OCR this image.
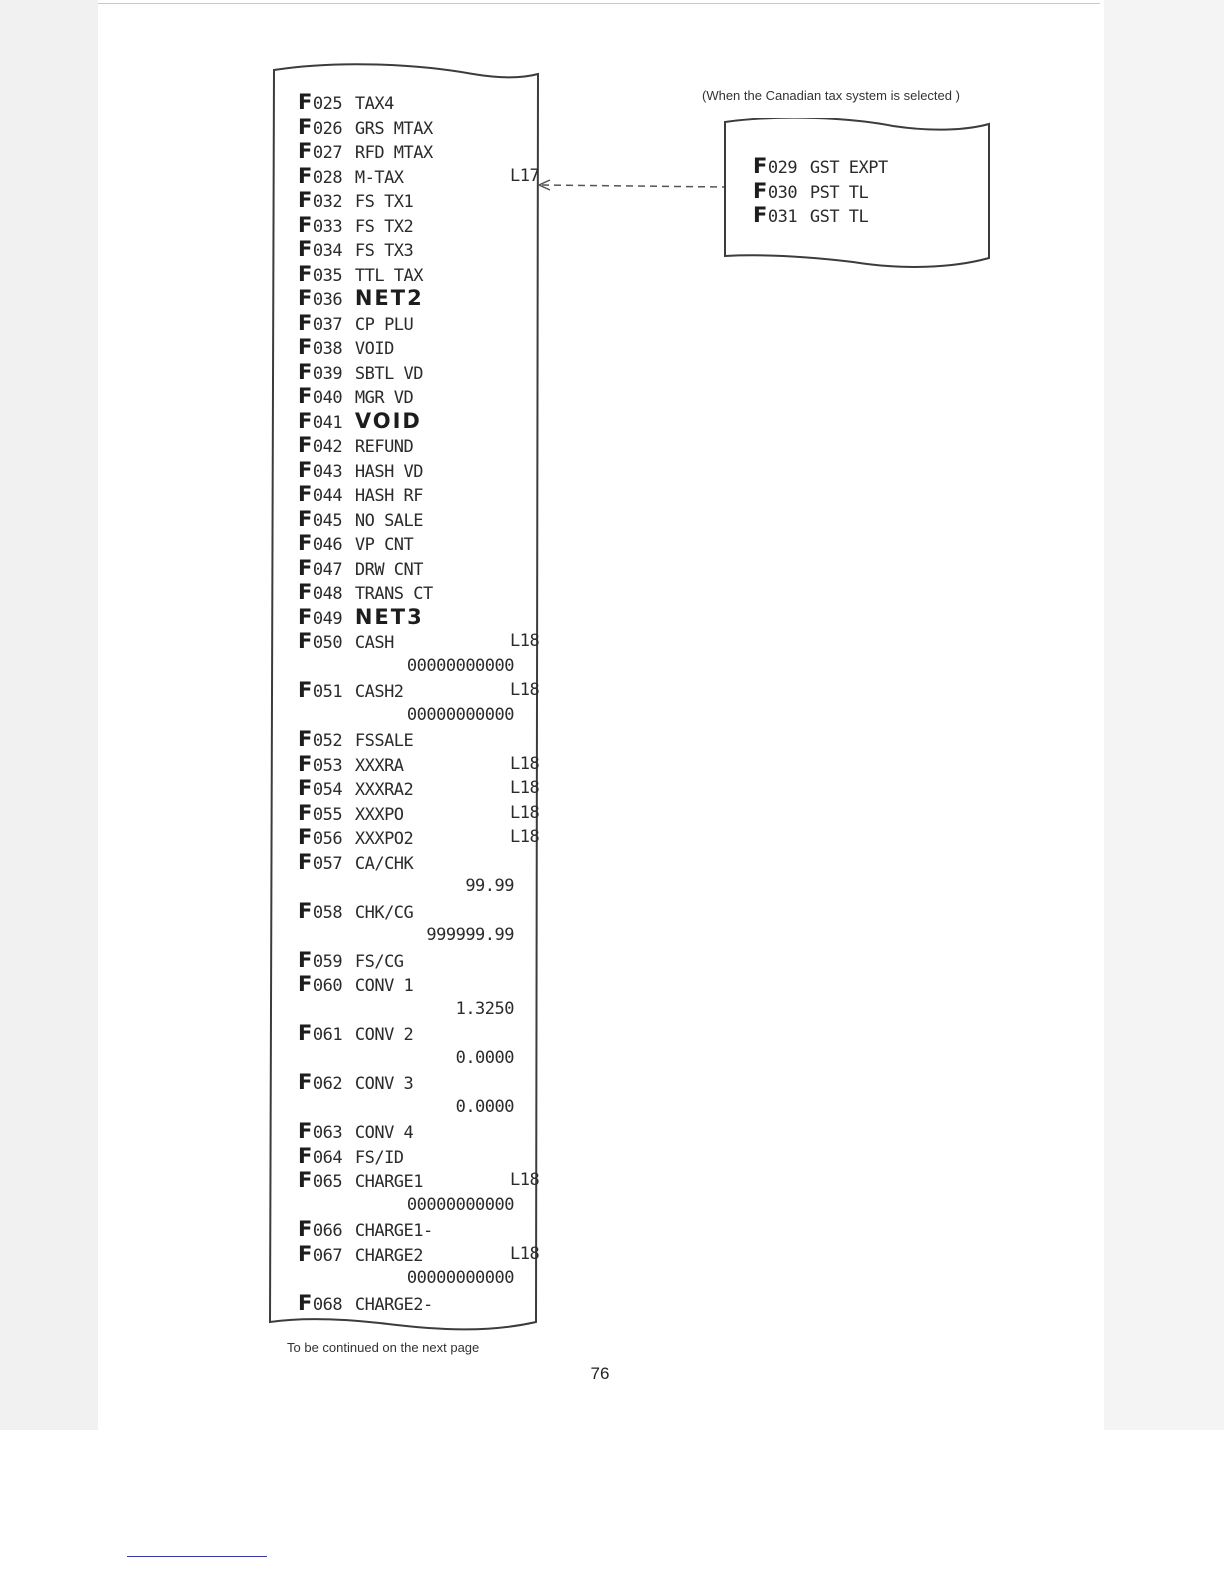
F025 TAX4
F026 GRS MTAX
F027 RFD MTAX
F028 M-TAX	L17
F032 FS TX1
F033 FS TX2
F034 FS TX3
F035 TTL TAX
F036 NET2
F037 CP PLU
F038 VOID
F039 SBTL VD
F040 MGR VD
F041 VOID
F042 REFUND
F043 HASH VD
F044 HASH RF
F045 NO SALE
F046 VP CNT
F047 DRW CNT
F048 TRANS CT
F049 NET3
F050 CASH	L18
00000000000
F051 CASH2	L18
00000000000
F052 FSSALE
F053 XXXRA	L18
F054 XXXRA2	L18
F055 XXXPO	L18
F056 XXXPO2	L18
F057 CA/CHK
99.99
F058 CHK/CG
999999.99
F059 FS/CG
F060 CONV 1
1.3250
F061 CONV 2
0.0000
F062 CONV 3
0.0000
F063 CONV 4
F064 FS/ID
F065 CHARGE1	L18
00000000000
F066 CHARGE1-
F067 CHARGE2	L18
00000000000
F068 CHARGE2-
(When the Canadian tax system is selected )
F029 GST EXPT
F030 PST TL
F031 GST TL
To be continued on the next page
76
